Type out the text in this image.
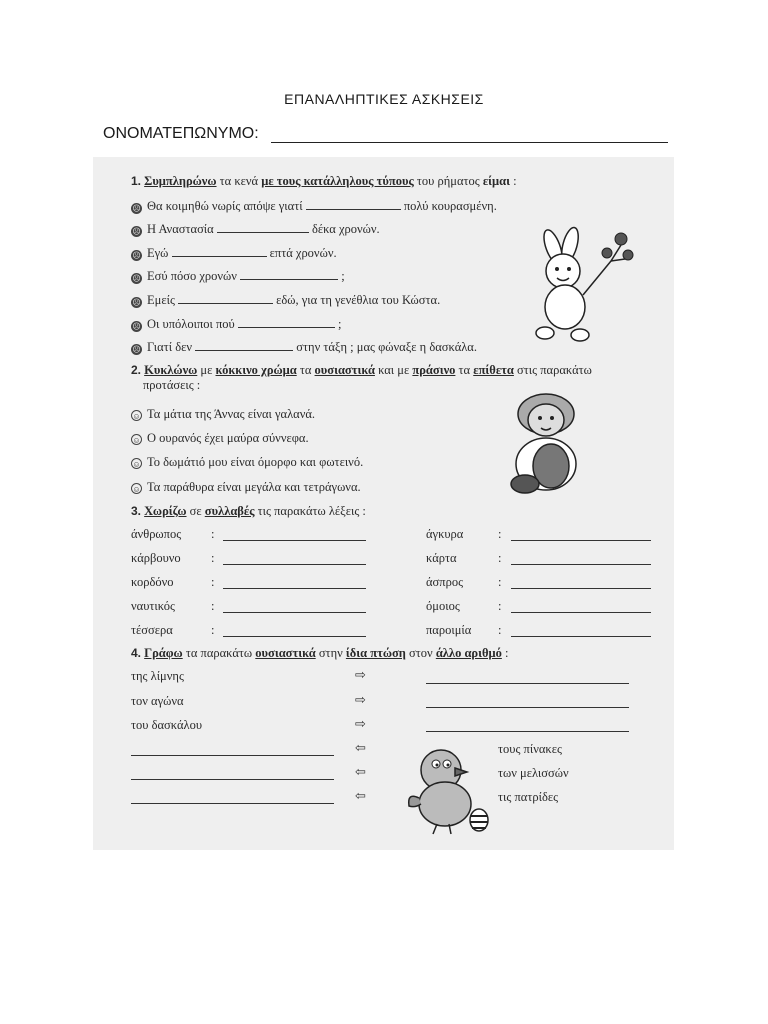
ΕΠΑΝΑΛΗΠΤΙΚΕΣ ΑΣΚΗΣΕΙΣ
ΟΝΟΜΑΤΕΠΩΝΥΜΟ:
1. Συμπληρώνω τα κενά με τους κατάλληλους τύπους του ρήματος είμαι :
☹ Θα κοιμηθώ νωρίς απόψε γιατί	πολύ κουρασμένη.
☹ Η Αναστασία	δέκα χρονών.
☹ Εγώ	επτά χρονών.
☹ Εσύ πόσο χρονών	;
☹ Εμείς	εδώ, για τη γενέθλια του Κώστα.
☹ Οι υπόλοιποι πού	;
☹ Γιατί δεν	στην τάξη ; μας φώναξε η δασκάλα.
2. Κυκλώνω με κόκκινο χρώμα τα ουσιαστικά και με πράσινο τα επίθετα στις παρακάτω
προτάσεις :
☺ Τα μάτια της Άννας είναι γαλανά.
☺ Ο ουρανός έχει μαύρα σύννεφα.
☺ Το δωμάτιό μου είναι όμορφο και φωτεινό.
☺ Τα παράθυρα είναι μεγάλα και τετράγωνα.
3. Χωρίζω σε συλλαβές τις παρακάτω λέξεις :
άνθρωπος :	άγκυρα	:
κάρβουνο :	κάρτα	:
κορδόνο	:	άσπρος	:
ναυτικός	:	όμοιος	:
τέσσερα	:	παροιμία :
4. Γράφω τα παρακάτω ουσιαστικά στην ίδια πτώση στον άλλο αριθμό :
της λίμνης	⇨
τον αγώνα	⇨
του δασκάλου	⇨
⇦	τους πίνακες
⇦	των μελισσών
⇦	τις πατρίδες
